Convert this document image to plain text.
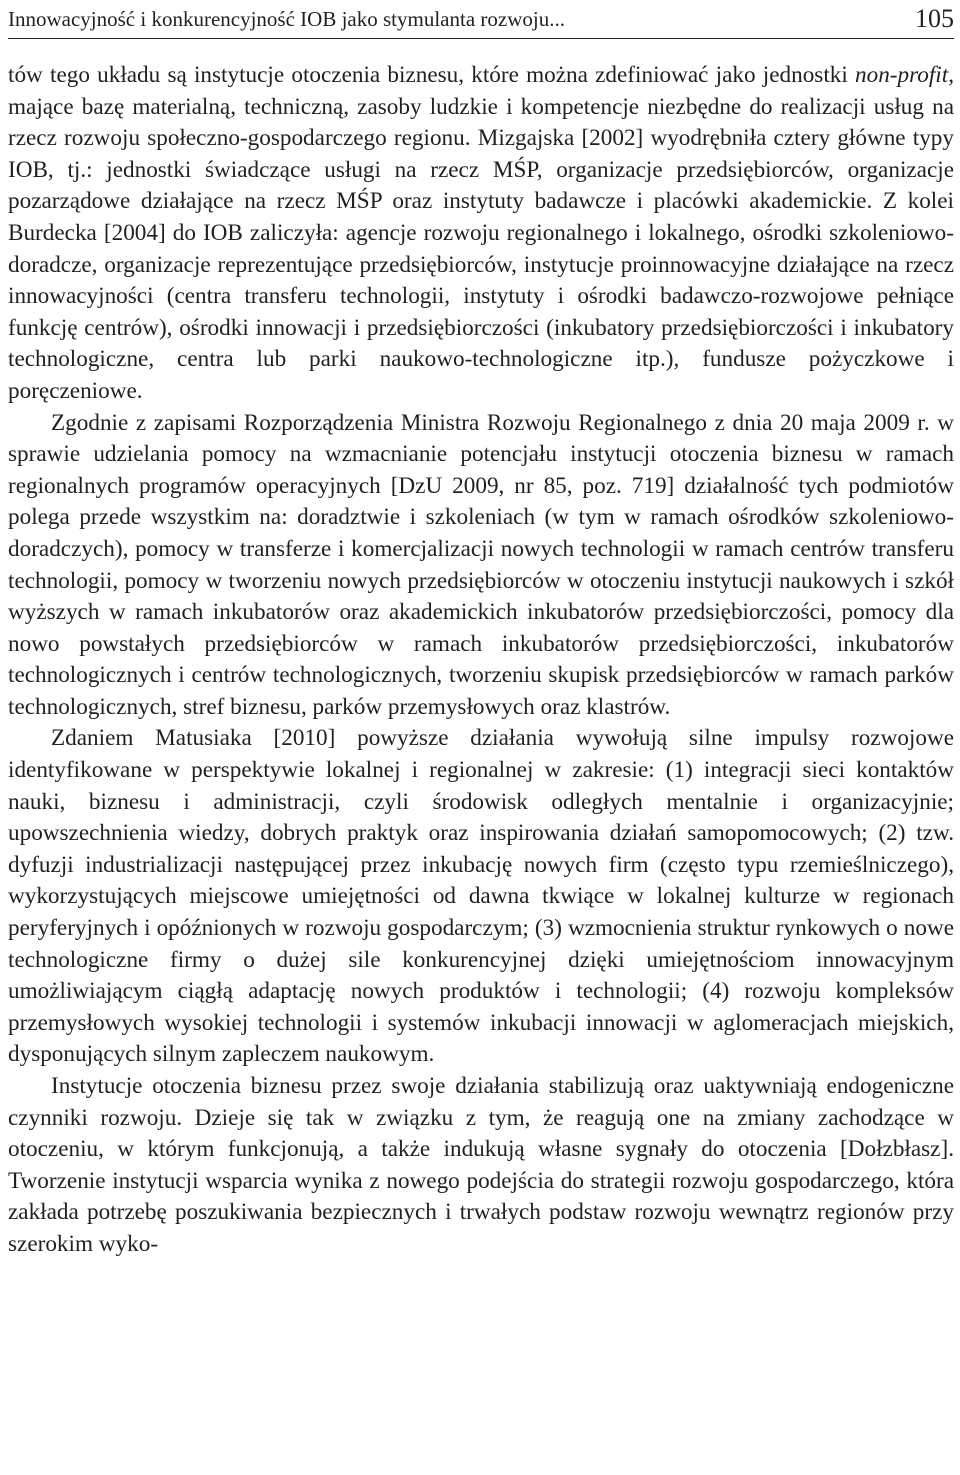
Innowacyjność i konkurencyjność IOB jako stymulanta rozwoju...	105

tów tego układu są instytucje otoczenia biznesu, które można zdefiniować jako jednostki non-profit, mające bazę materialną, techniczną, zasoby ludzkie i kompetencje niezbędne do realizacji usług na rzecz rozwoju społeczno-gospodarczego regionu. Mizgajska [2002] wyodrębniła cztery główne typy IOB, tj.: jednostki świadczące usługi na rzecz MŚP, organizacje przedsiębiorców, organizacje pozarządowe działające na rzecz MŚP oraz instytuty badawcze i placówki akademickie. Z kolei Burdecka [2004] do IOB zaliczyła: agencje rozwoju regionalnego i lokalnego, ośrodki szkoleniowo-doradcze, organizacje reprezentujące przedsiębiorców, instytucje proinnowacyjne działające na rzecz innowacyjności (centra transferu technologii, instytuty i ośrodki badawczo-rozwojowe pełniące funkcję centrów), ośrodki innowacji i przedsiębiorczości (inkubatory przedsiębiorczości i inkubatory technologiczne, centra lub parki naukowo-technologiczne itp.), fundusze pożyczkowe i poręczeniowe.

Zgodnie z zapisami Rozporządzenia Ministra Rozwoju Regionalnego z dnia 20 maja 2009 r. w sprawie udzielania pomocy na wzmacnianie potencjału instytucji otoczenia biznesu w ramach regionalnych programów operacyjnych [DzU 2009, nr 85, poz. 719] działalność tych podmiotów polega przede wszystkim na: doradztwie i szkoleniach (w tym w ramach ośrodków szkoleniowo-doradczych), pomocy w transferze i komercjalizacji nowych technologii w ramach centrów transferu technologii, pomocy w tworzeniu nowych przedsiębiorców w otoczeniu instytucji naukowych i szkół wyższych w ramach inkubatorów oraz akademickich inkubatorów przedsiębiorczości, pomocy dla nowo powstałych przedsiębiorców w ramach inkubatorów przedsiębiorczości, inkubatorów technologicznych i centrów technologicznych, tworzeniu skupisk przedsiębiorców w ramach parków technologicznych, stref biznesu, parków przemysłowych oraz klastrów.

Zdaniem Matusiaka [2010] powyższe działania wywołują silne impulsy rozwojowe identyfikowane w perspektywie lokalnej i regionalnej w zakresie: (1) integracji sieci kontaktów nauki, biznesu i administracji, czyli środowisk odległych mentalnie i organizacyjnie; upowszechnienia wiedzy, dobrych praktyk oraz inspirowania działań samopomocowych; (2) tzw. dyfuzji industrializacji następującej przez inkubację nowych firm (często typu rzemieślniczego), wykorzystujących miejscowe umiejętności od dawna tkwiące w lokalnej kulturze w regionach peryferyjnych i opóźnionych w rozwoju gospodarczym; (3) wzmocnienia struktur rynkowych o nowe technologiczne firmy o dużej sile konkurencyjnej dzięki umiejętnościom innowacyjnym umożliwiającym ciągłą adaptację nowych produktów i technologii; (4) rozwoju kompleksów przemysłowych wysokiej technologii i systemów inkubacji innowacji w aglomeracjach miejskich, dysponujących silnym zapleczem naukowym.

Instytucje otoczenia biznesu przez swoje działania stabilizują oraz uaktywniają endogeniczne czynniki rozwoju. Dzieje się tak w związku z tym, że reagują one na zmiany zachodzące w otoczeniu, w którym funkcjonują, a także indukują własne sygnały do otoczenia [Dołzbłasz]. Tworzenie instytucji wsparcia wynika z nowego podejścia do strategii rozwoju gospodarczego, która zakłada potrzebę poszukiwania bezpiecznych i trwałych podstaw rozwoju wewnątrz regionów przy szerokim wyko-
